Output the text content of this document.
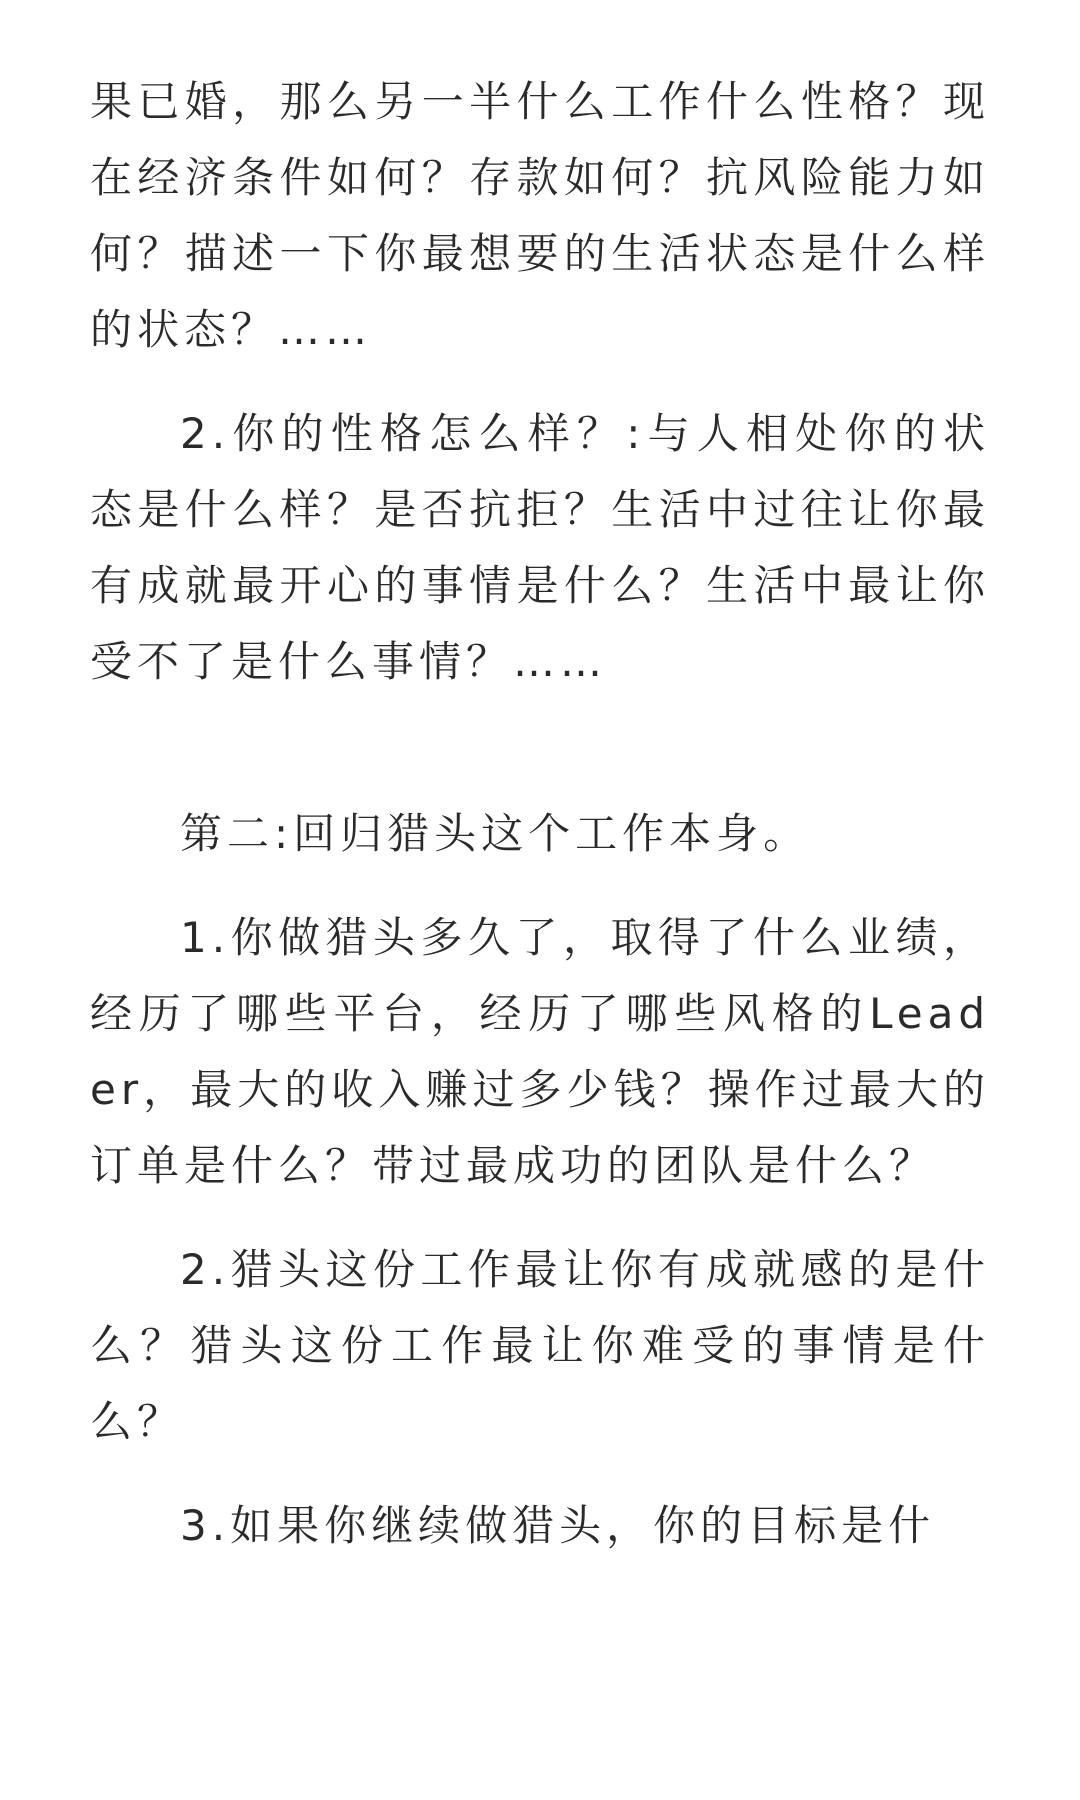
果已婚，那么另一半什么工作什么性格？现在经济条件如何？存款如何？抗风险能力如何？描述一下你最想要的生活状态是什么样的状态？……

2.你的性格怎么样？:与人相处你的状态是什么样？是否抗拒？生活中过往让你最有成就最开心的事情是什么？生活中最让你受不了是什么事情？……

第二:回归猎头这个工作本身。

1.你做猎头多久了，取得了什么业绩，经历了哪些平台，经历了哪些风格的Leader，最大的收入赚过多少钱？操作过最大的订单是什么？带过最成功的团队是什么？

2.猎头这份工作最让你有成就感的是什么？猎头这份工作最让你难受的事情是什么？

3.如果你继续做猎头，你的目标是什
